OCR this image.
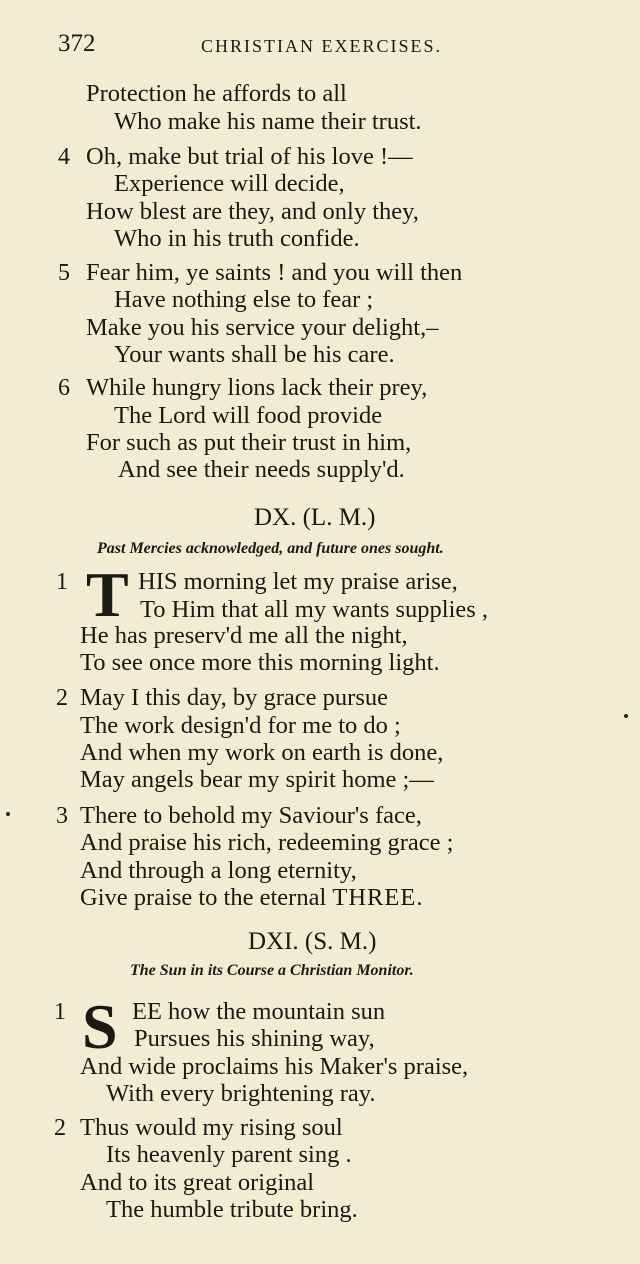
372	CHRISTIAN EXERCISES.
Protection he affords to all
Who make his name their trust.
4 Oh, make but trial of his love !—
Experience will decide,
How blest are they, and only they,
Who in his truth confide.
5 Fear him, ye saints ! and you will then
Have nothing else to fear ;
Make you his service your delight,–
Your wants shall be his care.
6 While hungry lions lack their prey,
The Lord will food provide
For such as put their trust in him,
And see their needs supply'd.
DX. (L. M.)
Past Mercies acknowledged, and future ones sought.
1 T HIS morning let my praise arise,
To Him that all my wants supplies ,
He has preserv'd me all the night,
To see once more this morning light.
2 May I this day, by grace pursue
The work design'd for me to do ;
And when my work on earth is done,
May angels bear my spirit home ;—
3 There to behold my Saviour's face,
And praise his rich, redeeming grace ;
And through a long eternity,
Give praise to the eternal THREE.
DXI. (S. M.)
The Sun in its Course a Christian Monitor.
1 S EE how the mountain sun
Pursues his shining way,
And wide proclaims his Maker's praise,
With every brightening ray.
2 Thus would my rising soul
Its heavenly parent sing .
And to its great original
The humble tribute bring.
